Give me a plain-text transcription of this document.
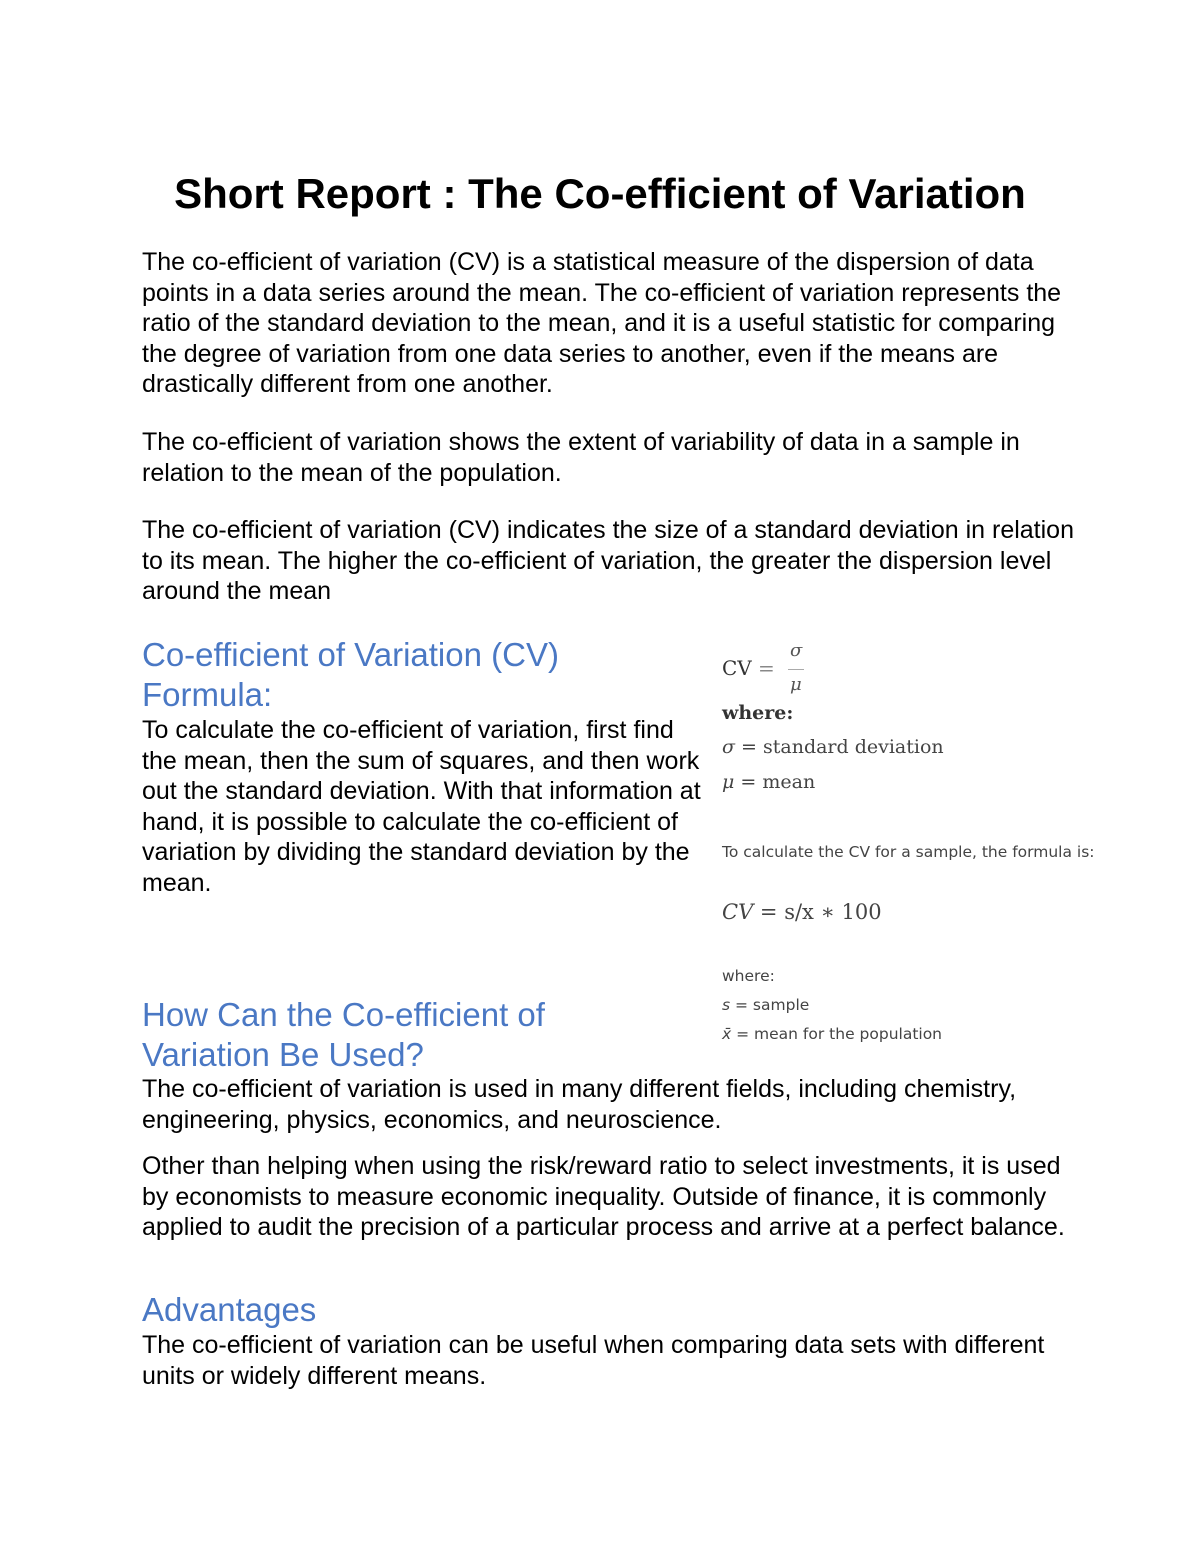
Short Report : The Co-efficient of Variation

The co-efficient of variation (CV) is a statistical measure of the dispersion of data points in a data series around the mean. The co-efficient of variation represents the ratio of the standard deviation to the mean, and it is a useful statistic for comparing the degree of variation from one data series to another, even if the means are drastically different from one another.

The co-efficient of variation shows the extent of variability of data in a sample in relation to the mean of the population.

The co-efficient of variation (CV) indicates the size of a standard deviation in relation to its mean. The higher the co-efficient of variation, the greater the dispersion level around the mean

Co-efficient of Variation (CV)
Formula:

To calculate the co-efficient of variation, first find the mean, then the sum of squares, and then work out the standard deviation. With that information at hand, it is possible to calculate the co-efficient of variation by dividing the standard deviation by the mean.

CV =
σ
μ
where:
σ = standard deviation
μ = mean
To calculate the CV for a sample, the formula is:
CV = s/x ∗ 100
where:
s = sample
x̄ = mean for the population
How Can the Co-efficient of
Variation Be Used?

The co-efficient of variation is used in many different fields, including chemistry, engineering, physics, economics, and neuroscience.

Other than helping when using the risk/reward ratio to select investments, it is used by economists to measure economic inequality. Outside of finance, it is commonly applied to audit the precision of a particular process and arrive at a perfect balance.

Advantages

The co-efficient of variation can be useful when comparing data sets with different units or widely different means.
